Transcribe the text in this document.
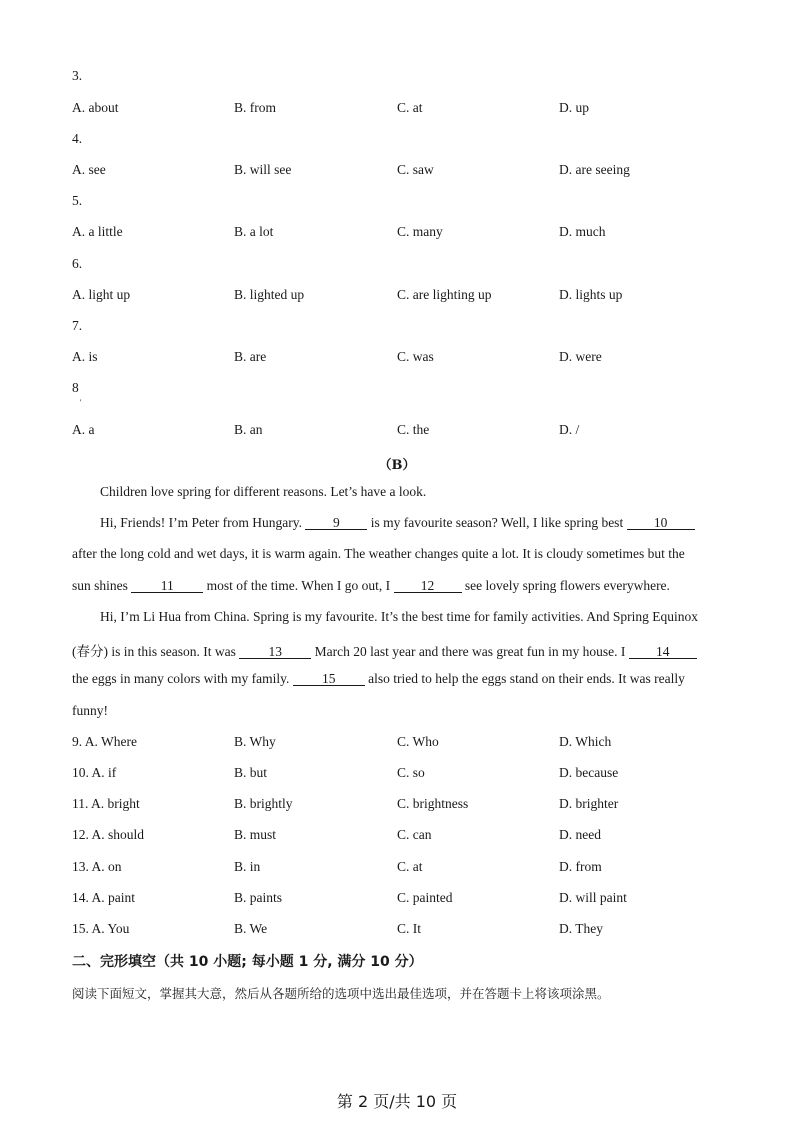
3.
A. about	B. from	C. at	D. up
4.
A. see	B. will see	C. saw	D. are seeing
5.
A. a little	B. a lot	C. many	D. much
6.
A. light up	B. lighted up	C. are lighting up	D. lights up
7.
A. is	B. are	C. was	D. were
8
'
A. a	B. an	C. the	D. /
（B）
Children love spring for different reasons. Let’s have a look.
Hi, Friends! I’m Peter from Hungary. 9 is my favourite season? Well, I like spring best 10
after the long cold and wet days, it is warm again. The weather changes quite a lot. It is cloudy sometimes but the
sun shines 11 most of the time. When I go out, I 12 see lovely spring flowers everywhere.
Hi, I’m Li Hua from China. Spring is my favourite. It’s the best time for family activities. And Spring Equinox
(春分) is in this season. It was 13 March 20 last year and there was great fun in my house. I 14
the eggs in many colors with my family. 15 also tried to help the eggs stand on their ends. It was really
funny!
9. A. Where	B. Why	C. Who	D. Which
10. A. if	B. but	C. so	D. because
11. A. bright	B. brightly	C. brightness	D. brighter
12. A. should	B. must	C. can	D. need
13. A. on	B. in	C. at	D. from
14. A. paint	B. paints	C. painted	D. will paint
15. A. You	B. We	C. It	D. They
二、完形填空（共 10 小题; 每小题 1 分, 满分 10 分）
阅读下面短文，掌握其大意，然后从各题所给的选项中选出最佳选项，并在答题卡上将该项涂黑。
第 2 页/共 10 页
